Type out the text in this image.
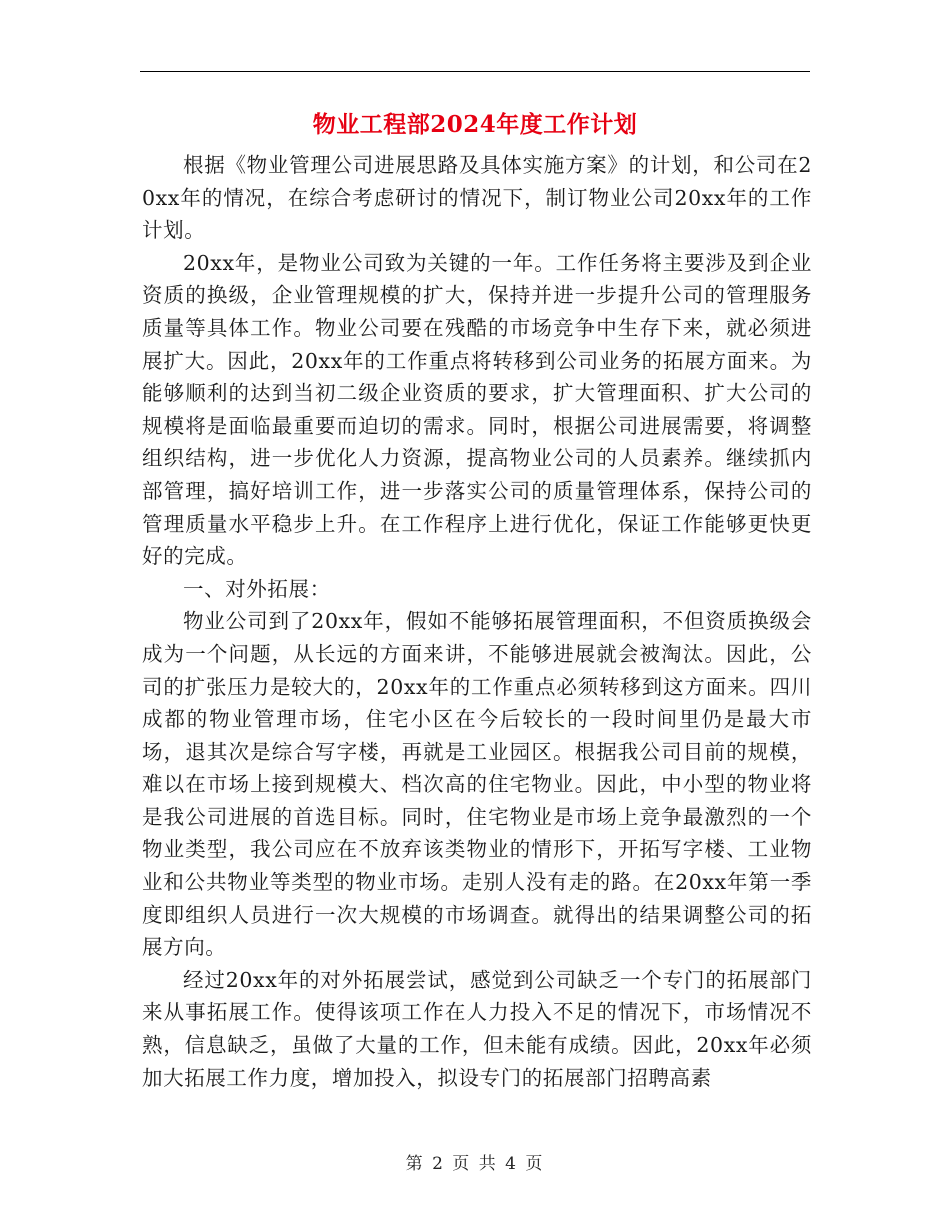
物业工程部2024年度工作计划

根据《物业管理公司进展思路及具体实施方案》的计划，和公司在20xx年的情况，在综合考虑研讨的情况下，制订物业公司20xx年的工作计划。

20xx年，是物业公司致为关键的一年。工作任务将主要涉及到企业资质的换级，企业管理规模的扩大，保持并进一步提升公司的管理服务质量等具体工作。物业公司要在残酷的市场竞争中生存下来，就必须进展扩大。因此，20xx年的工作重点将转移到公司业务的拓展方面来。为能够顺利的达到当初二级企业资质的要求，扩大管理面积、扩大公司的规模将是面临最重要而迫切的需求。同时，根据公司进展需要，将调整组织结构，进一步优化人力资源，提高物业公司的人员素养。继续抓内部管理，搞好培训工作，进一步落实公司的质量管理体系，保持公司的管理质量水平稳步上升。在工作程序上进行优化，保证工作能够更快更好的完成。

一、对外拓展：

物业公司到了20xx年，假如不能够拓展管理面积，不但资质换级会成为一个问题，从长远的方面来讲，不能够进展就会被淘汰。因此，公司的扩张压力是较大的，20xx年的工作重点必须转移到这方面来。四川成都的物业管理市场，住宅小区在今后较长的一段时间里仍是最大市场，退其次是综合写字楼，再就是工业园区。根据我公司目前的规模，难以在市场上接到规模大、档次高的住宅物业。因此，中小型的物业将是我公司进展的首选目标。同时，住宅物业是市场上竞争最激烈的一个物业类型，我公司应在不放弃该类物业的情形下，开拓写字楼、工业物业和公共物业等类型的物业市场。走别人没有走的路。在20xx年第一季度即组织人员进行一次大规模的市场调查。就得出的结果调整公司的拓展方向。

经过20xx年的对外拓展尝试，感觉到公司缺乏一个专门的拓展部门来从事拓展工作。使得该项工作在人力投入不足的情况下，市场情况不熟，信息缺乏，虽做了大量的工作，但未能有成绩。因此，20xx年必须加大拓展工作力度，增加投入，拟设专门的拓展部门招聘高素

第 2 页 共 4 页
